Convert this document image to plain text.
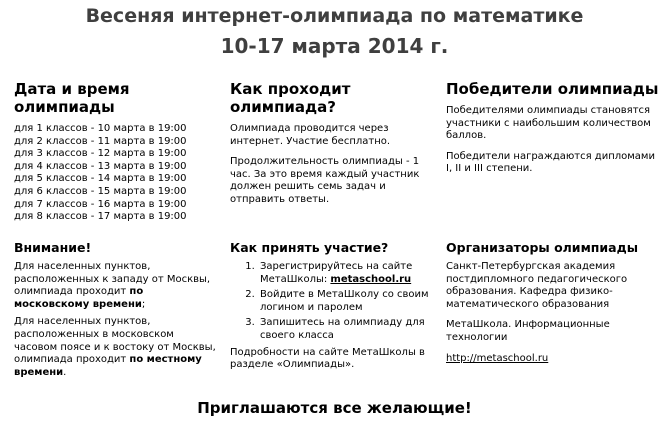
Весеняя интернет-олимпиада по математике
10-17 марта 2014 г.
Дата и время олимпиады
для 1 классов - 10 марта в 19:00
для 2 классов - 11 марта в 19:00
для 3 классов - 12 марта в 19:00
для 4 классов - 13 марта в 19:00
для 5 классов - 14 марта в 19:00
для 6 классов - 15 марта в 19:00
для 7 классов - 16 марта в 19:00
для 8 классов - 17 марта в 19:00
Как проходит олимпиада?

Олимпиада проводится через интернет. Участие бесплатно.

Продолжительность олимпиады - 1 час. За это время каждый участник должен решить семь задач и отправить ответы.

Победители олимпиады

Победителями олимпиады становятся участники с наибольшим количеством баллов.

Победители награждаются дипломами I, II и III степени.

Внимание!

Для населенных пунктов, расположенных к западу от Москвы, олимпиада проходит по московскому времени;

Для населенных пунктов, расположенных в московском часовом поясе и к востоку от Москвы, олимпиада проходит по местному времени.

Как принять участие?
1. Зарегистрируйтесь на сайте МетаШколы: metaschool.ru
2. Войдите в МетаШколу со своим логином и паролем
3. Запишитесь на олимпиаду для своего класса

Подробности на сайте МетаШколы в разделе «Олимпиады».

Организаторы олимпиады

Санкт-Петербургская академия постдипломного педагогического образования. Кафедра физико-математического образования

МетаШкола. Информационные технологии

http://metaschool.ru

Приглашаются все желающие!
